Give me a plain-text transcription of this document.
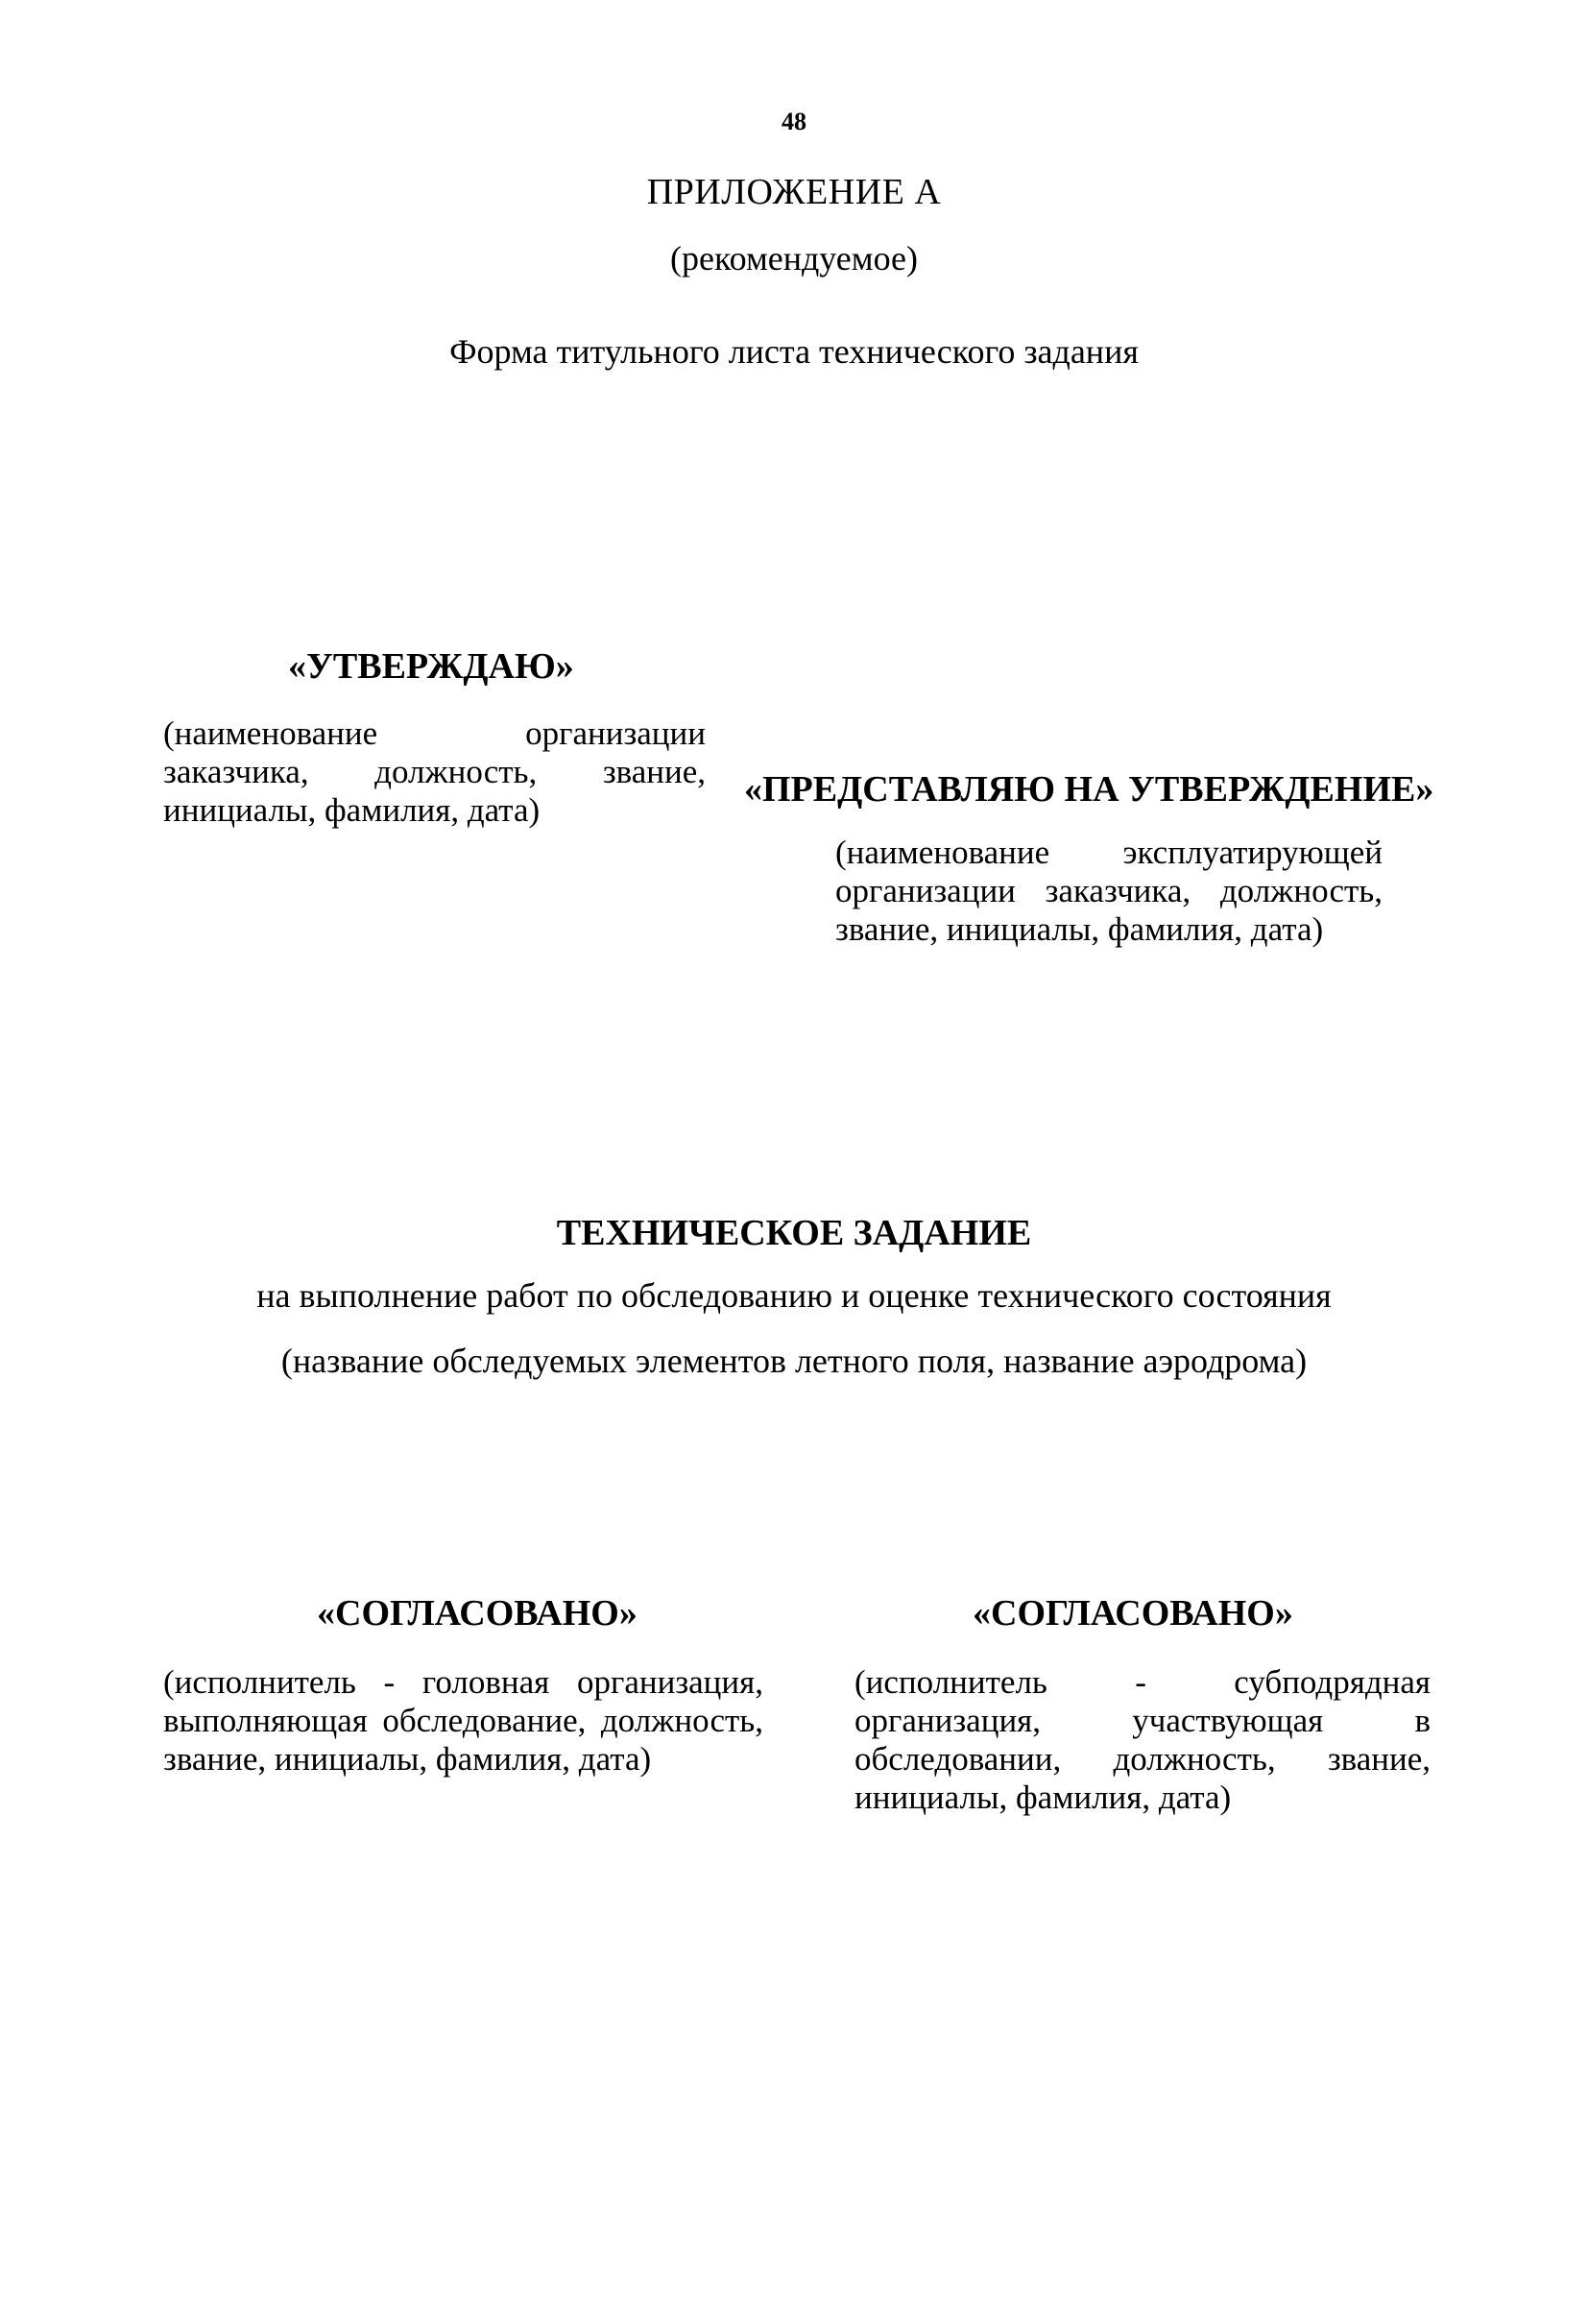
48
ПРИЛОЖЕНИЕ А
(рекомендуемое)
Форма титульного листа технического задания
«УТВЕРЖДАЮ»
(наименование организации заказчика, должность, звание, инициалы, фамилия, дата)
«ПРЕДСТАВЛЯЮ НА УТВЕРЖДЕНИЕ»
(наименование эксплуатирующей организации заказчика, должность, звание, инициалы, фамилия, дата)
ТЕХНИЧЕСКОЕ ЗАДАНИЕ
на выполнение работ по обследованию и оценке технического состояния
(название обследуемых элементов летного поля, название аэродрома)
«СОГЛАСОВАНО»
(исполнитель - головная организация, выполняющая обследование, должность, звание, инициалы, фамилия, дата)
«СОГЛАСОВАНО»
(исполнитель - субподрядная организация, участвующая в обследовании, должность, звание, инициалы, фамилия, дата)
